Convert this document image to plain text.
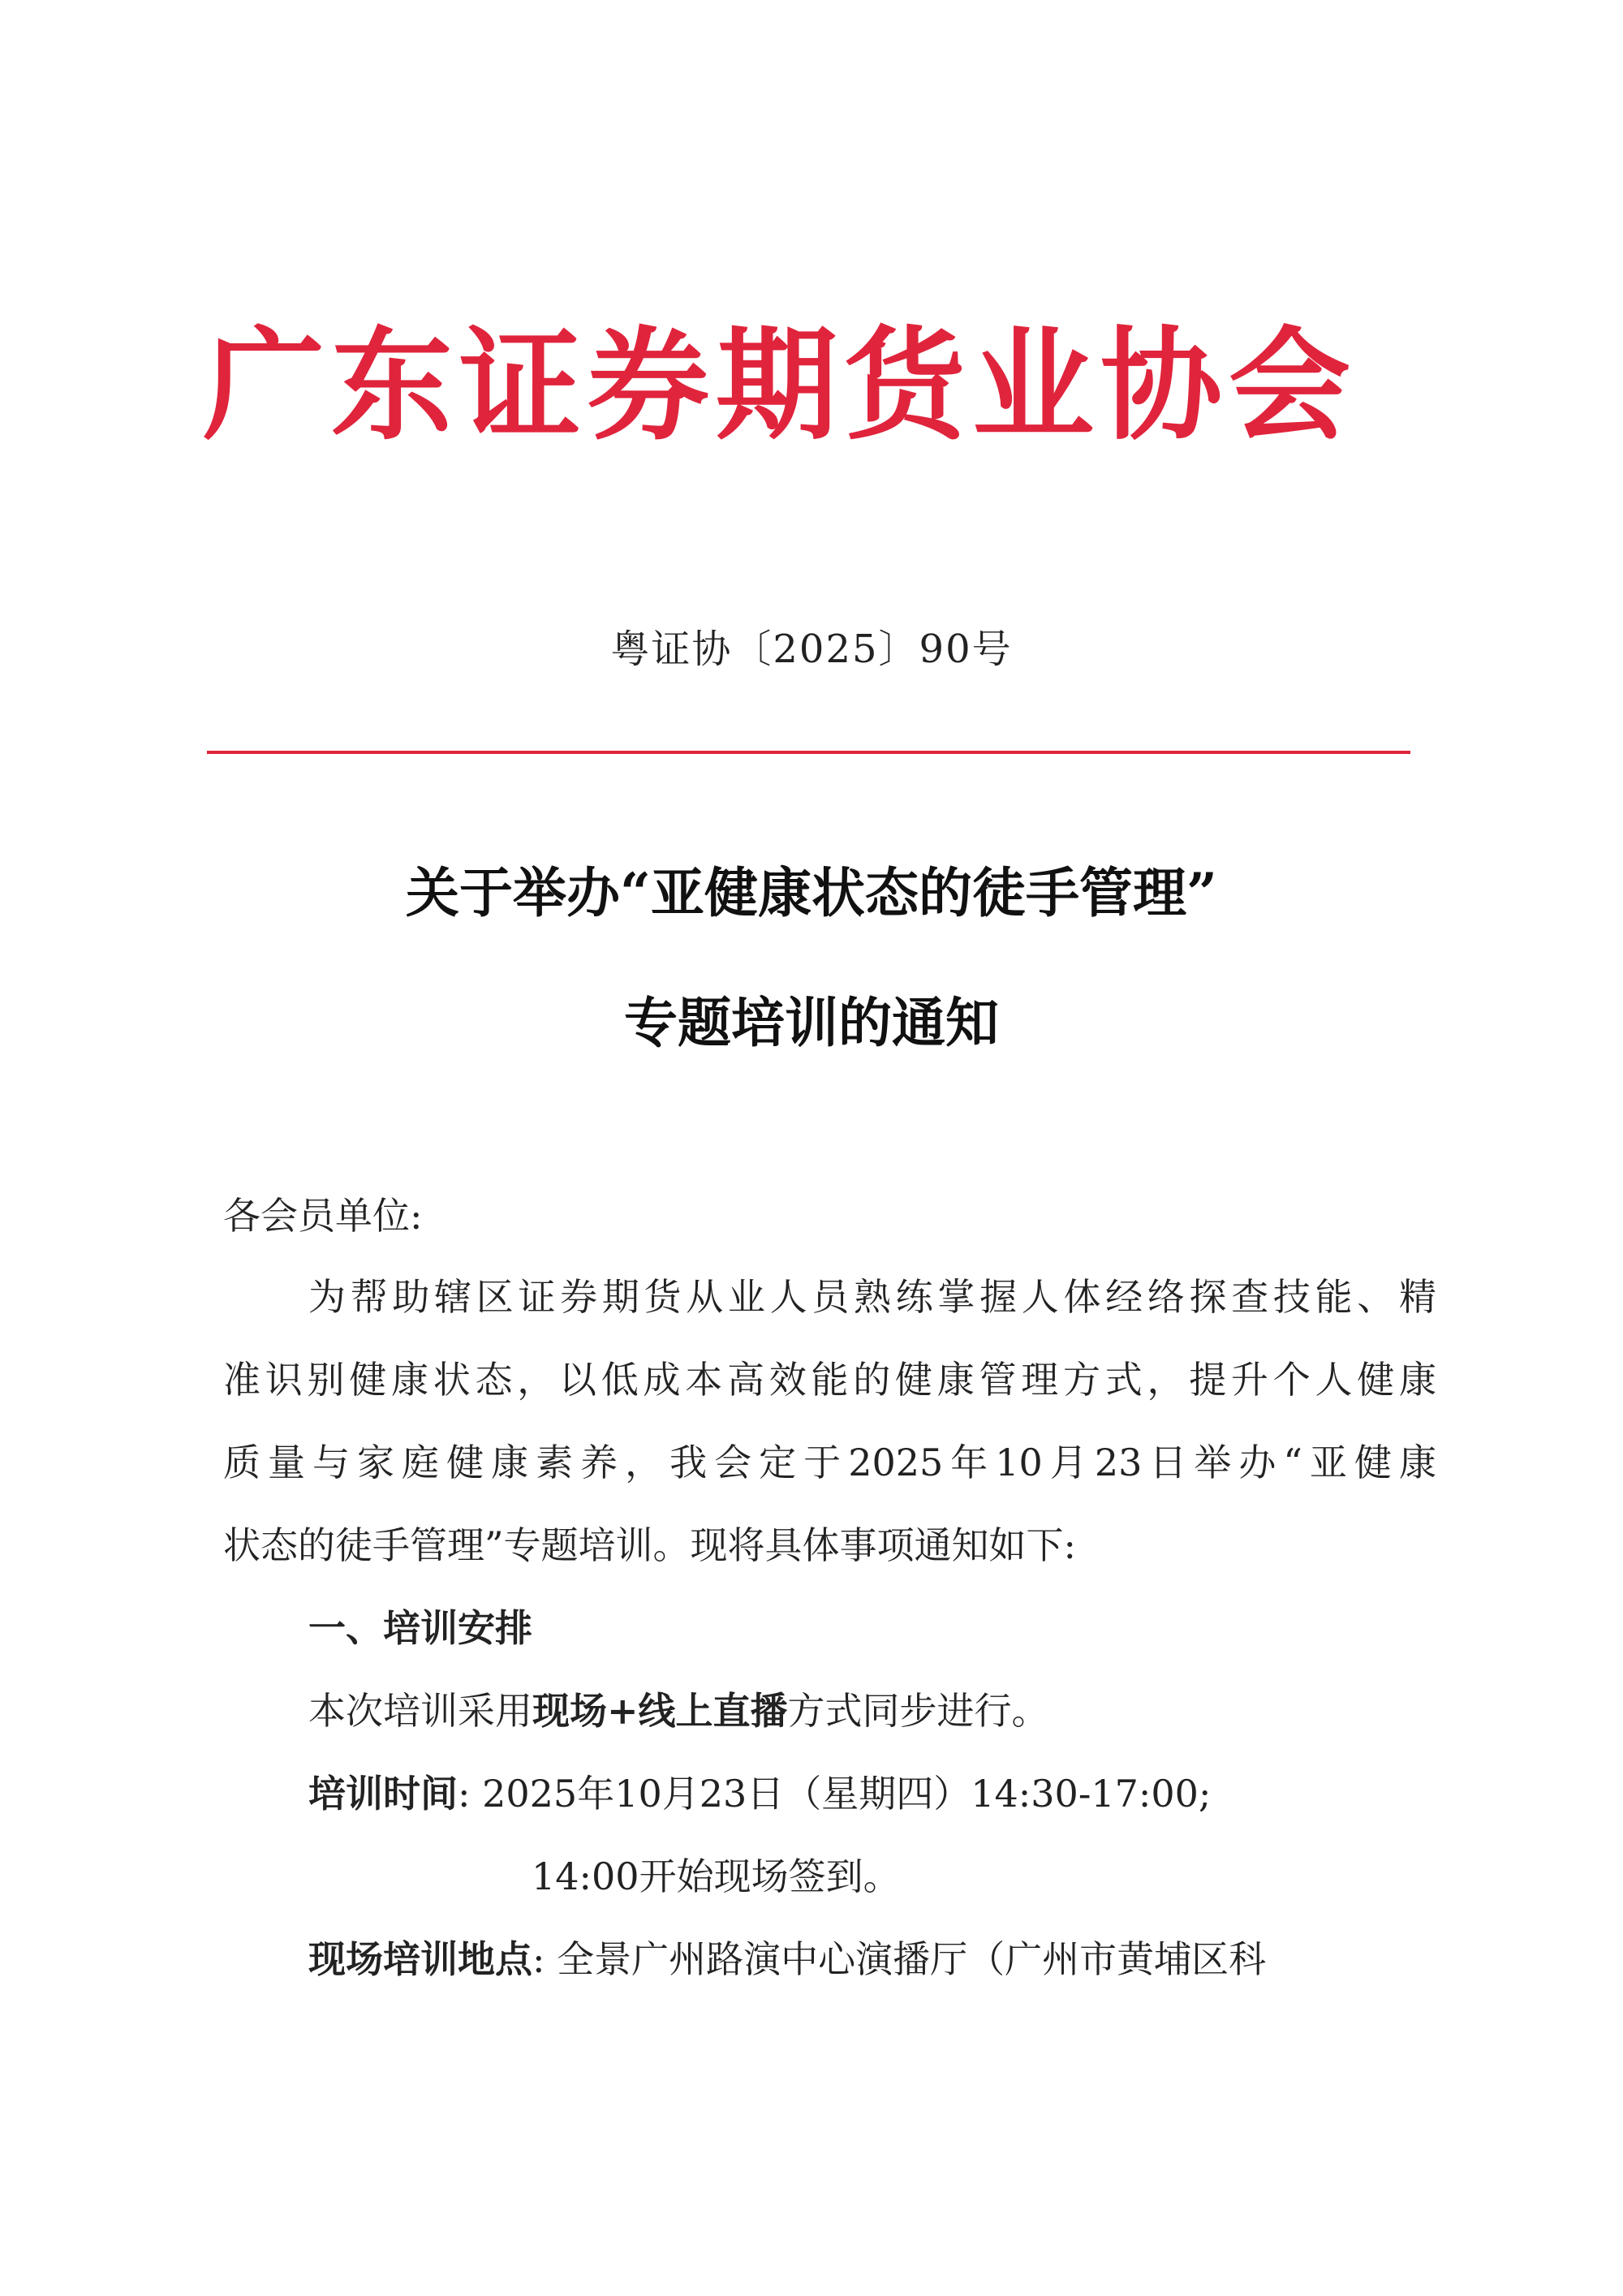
广东证券期货业协会
粤证协〔2025〕90号
关于举办“亚健康状态的徒手管理”
专题培训的通知
各会员单位:
为帮助辖区证券期货从业人员熟练掌握人体经络探查技能、精
准识别健康状态，以低成本高效能的健康管理方式，提升个人健康
质量与家庭健康素养，我会定于2025年10月23日举办“亚健康
状态的徒手管理”专题培训。现将具体事项通知如下:
一、培训安排
本次培训采用现场+线上直播方式同步进行。
培训时间: 2025年10月23日（星期四）14:30-17:00;
14:00开始现场签到。
现场培训地点: 全景广州路演中心演播厅（广州市黄埔区科
